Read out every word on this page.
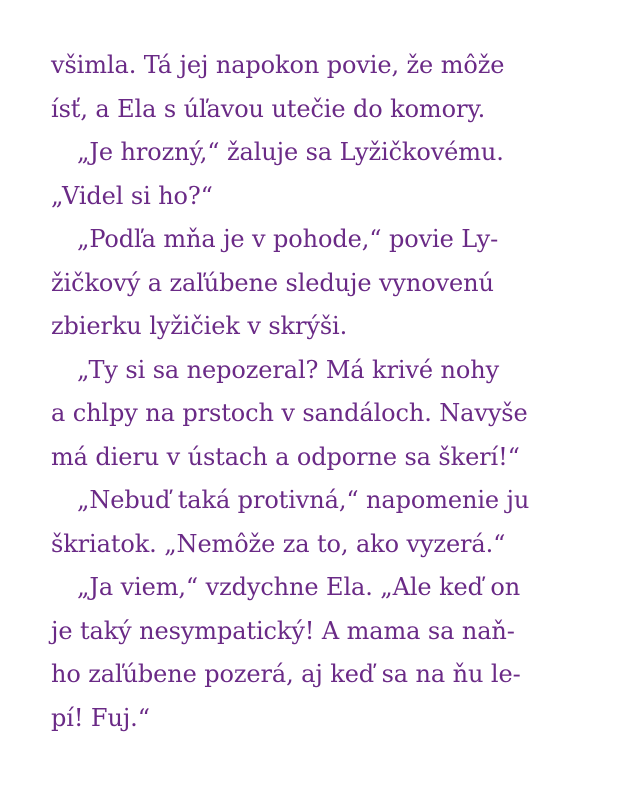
všimla. Tá jej napokon povie, že môže
ísť, a Ela s úľavou utečie do komory.
„Je hrozný,“ žaluje sa Lyžičkovému.
„Videl si ho?“
„Podľa mňa je v pohode,“ povie Ly-
žičkový a zaľúbene sleduje vynovenú
zbierku lyžičiek v skrýši.
„Ty si sa nepozeral? Má krivé nohy
a chlpy na prstoch v sandáloch. Navyše
má dieru v ústach a odporne sa škerí!“
„Nebuď taká protivná,“ napomenie ju
škriatok. „Nemôže za to, ako vyzerá.“
„Ja viem,“ vzdychne Ela. „Ale keď on
je taký nesympatický! A mama sa naň-
ho zaľúbene pozerá, aj keď sa na ňu le-
pí! Fuj.“
